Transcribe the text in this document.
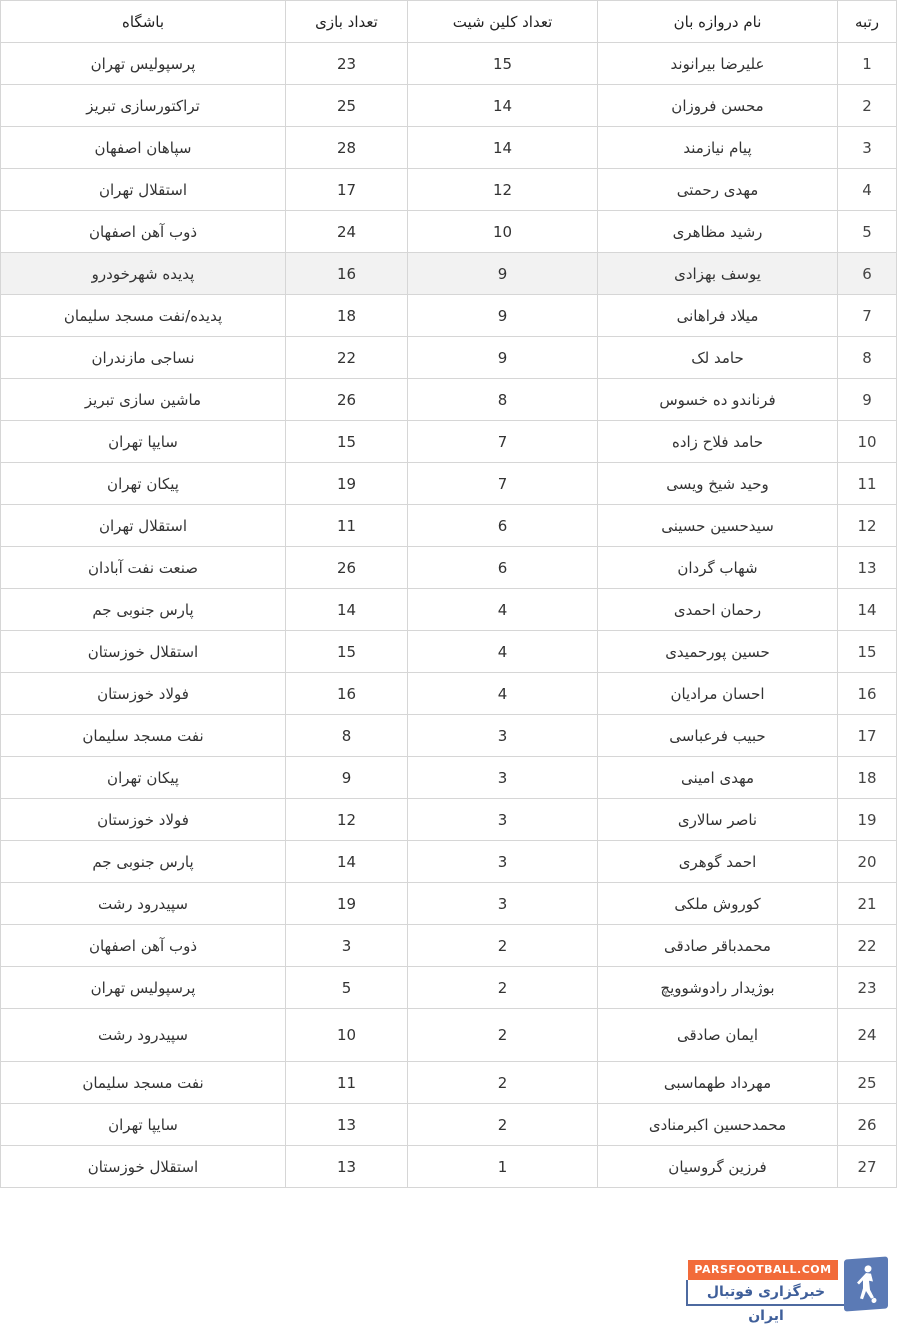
رتبه	نام دروازه بان	تعداد کلین شیت	تعداد بازی	باشگاه
1	علیرضا بیرانوند	15	23	پرسپولیس تهران
2	محسن فروزان	14	25	تراکتورسازی تبریز
3	پیام نیازمند	14	28	سپاهان اصفهان
4	مهدی رحمتی	12	17	استقلال تهران
5	رشید مظاهری	10	24	ذوب آهن اصفهان
6	یوسف بهزادی	9	16	پدیده شهرخودرو
7	میلاد فراهانی	9	18	پدیده/نفت مسجد سلیمان
8	حامد لک	9	22	نساجی مازندران
9	فرناندو ده خسوس	8	26	ماشین سازی تبریز
10	حامد فلاح زاده	7	15	سایپا تهران
11	وحید شیخ ویسی	7	19	پیکان تهران
12	سیدحسین حسینی	6	11	استقلال تهران
13	شهاب گردان	6	26	صنعت نفت آبادان
14	رحمان احمدی	4	14	پارس جنوبی جم
15	حسین پورحمیدی	4	15	استقلال خوزستان
16	احسان مرادیان	4	16	فولاد خوزستان
17	حبیب فرعباسی	3	8	نفت مسجد سلیمان
18	مهدی امینی	3	9	پیکان تهران
19	ناصر سالاری	3	12	فولاد خوزستان
20	احمد گوهری	3	14	پارس جنوبی جم
21	کوروش ملکی	3	19	سپیدرود رشت
22	محمدباقر صادقی	2	3	ذوب آهن اصفهان
23	بوژیدار رادوشوویچ	2	5	پرسپولیس تهران
24	ایمان صادقی	2	10	سپیدرود رشت
25	مهرداد طهماسبی	2	11	نفت مسجد سلیمان
26	محمدحسین اکبرمنادی	2	13	سایپا تهران
27	فرزین گروسیان	1	13	استقلال خوزستان
PARSFOOTBALL.COM
خبرگزاری فوتبال ایران
